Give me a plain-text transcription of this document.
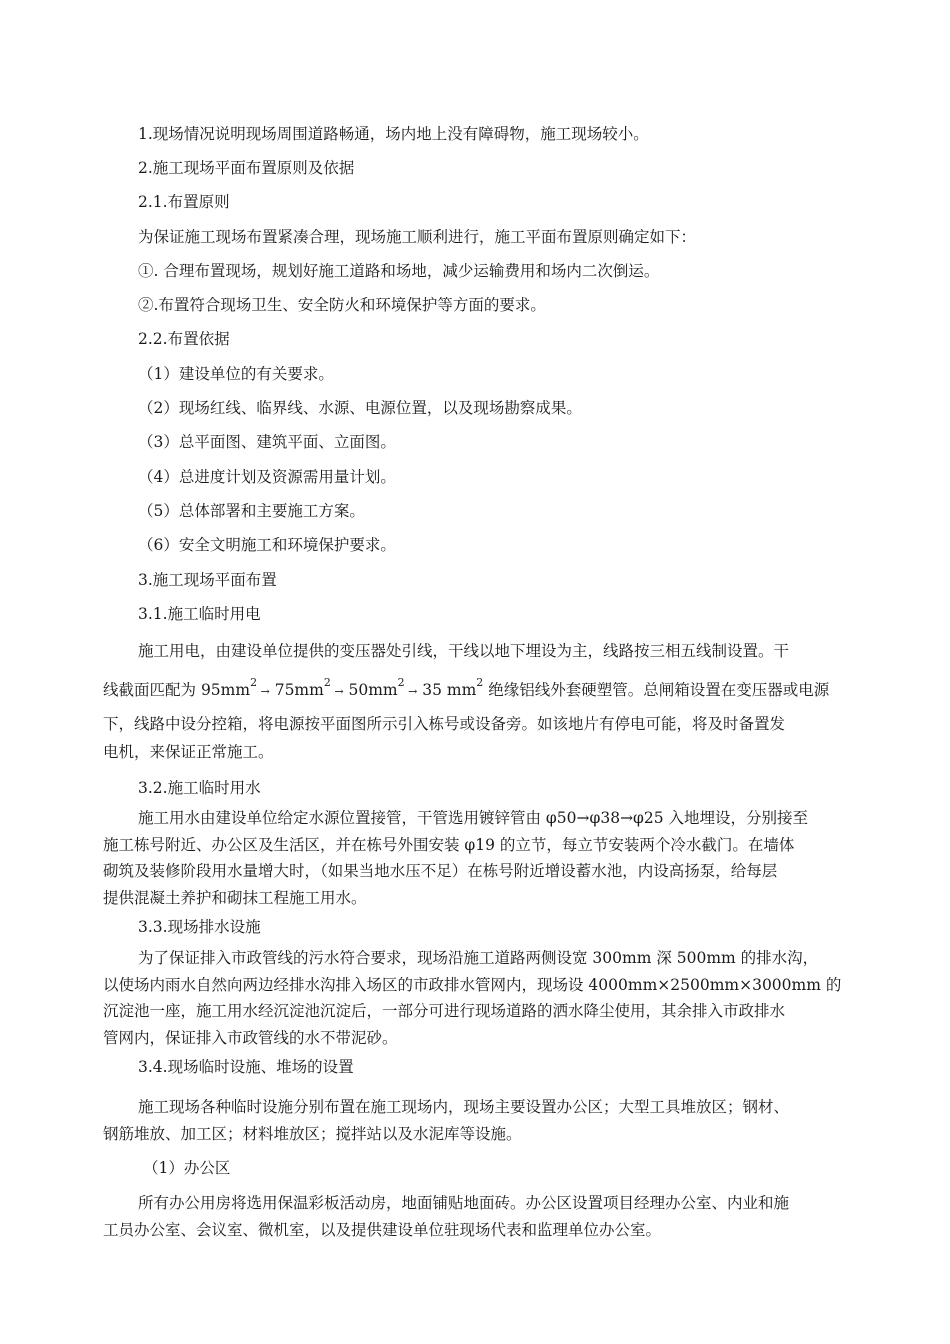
1.现场情况说明现场周围道路畅通，场内地上没有障碍物，施工现场较小。

2.施工现场平面布置原则及依据

2.1.布置原则

为保证施工现场布置紧凑合理，现场施工顺利进行，施工平面布置原则确定如下：

①. 合理布置现场，规划好施工道路和场地，减少运输费用和场内二次倒运。

②.布置符合现场卫生、安全防火和环境保护等方面的要求。

2.2.布置依据

（1）建设单位的有关要求。

（2）现场红线、临界线、水源、电源位置，以及现场勘察成果。

（3）总平面图、建筑平面、立面图。

（4）总进度计划及资源需用量计划。

（5）总体部署和主要施工方案。

（6）安全文明施工和环境保护要求。

3.施工现场平面布置

3.1.施工临时用电

施工用电，由建设单位提供的变压器处引线，干线以地下埋设为主，线路按三相五线制设置。干
线截面匹配为 $95mm^2 \to 75mm^2 \to 50mm^2 \to 35$ $mm^2$ 绝缘铝线外套硬塑管。总闸箱设置在变压器或电源
下，线路中设分控箱，将电源按平面图所示引入栋号或设备旁。如该地片有停电可能，将及时备置发
电机，来保证正常施工。

3.2.施工临时用水

施工用水由建设单位给定水源位置接管，干管选用镀锌管由 φ50→φ38→φ25 入地埋设，分别接至
施工栋号附近、办公区及生活区，并在栋号外围安装 φ19 的立节，每立节安装两个冷水截门。在墙体
砌筑及装修阶段用水量增大时，（如果当地水压不足）在栋号附近增设蓄水池，内设高扬泵，给每层
提供混凝土养护和砌抹工程施工用水。

3.3.现场排水设施

为了保证排入市政管线的污水符合要求，现场沿施工道路两侧设宽 300mm 深 500mm 的排水沟，
以使场内雨水自然向两边经排水沟排入场区的市政排水管网内，现场设 4000mm×2500mm×3000mm 的
沉淀池一座，施工用水经沉淀池沉淀后，一部分可进行现场道路的洒水降尘使用，其余排入市政排水
管网内，保证排入市政管线的水不带泥砂。

3.4.现场临时设施、堆场的设置

施工现场各种临时设施分别布置在施工现场内，现场主要设置办公区；大型工具堆放区；钢材、
钢筋堆放、加工区；材料堆放区；搅拌站以及水泥库等设施。

（1）办公区

所有办公用房将选用保温彩板活动房，地面铺贴地面砖。办公区设置项目经理办公室、内业和施
工员办公室、会议室、微机室，以及提供建设单位驻现场代表和监理单位办公室。
